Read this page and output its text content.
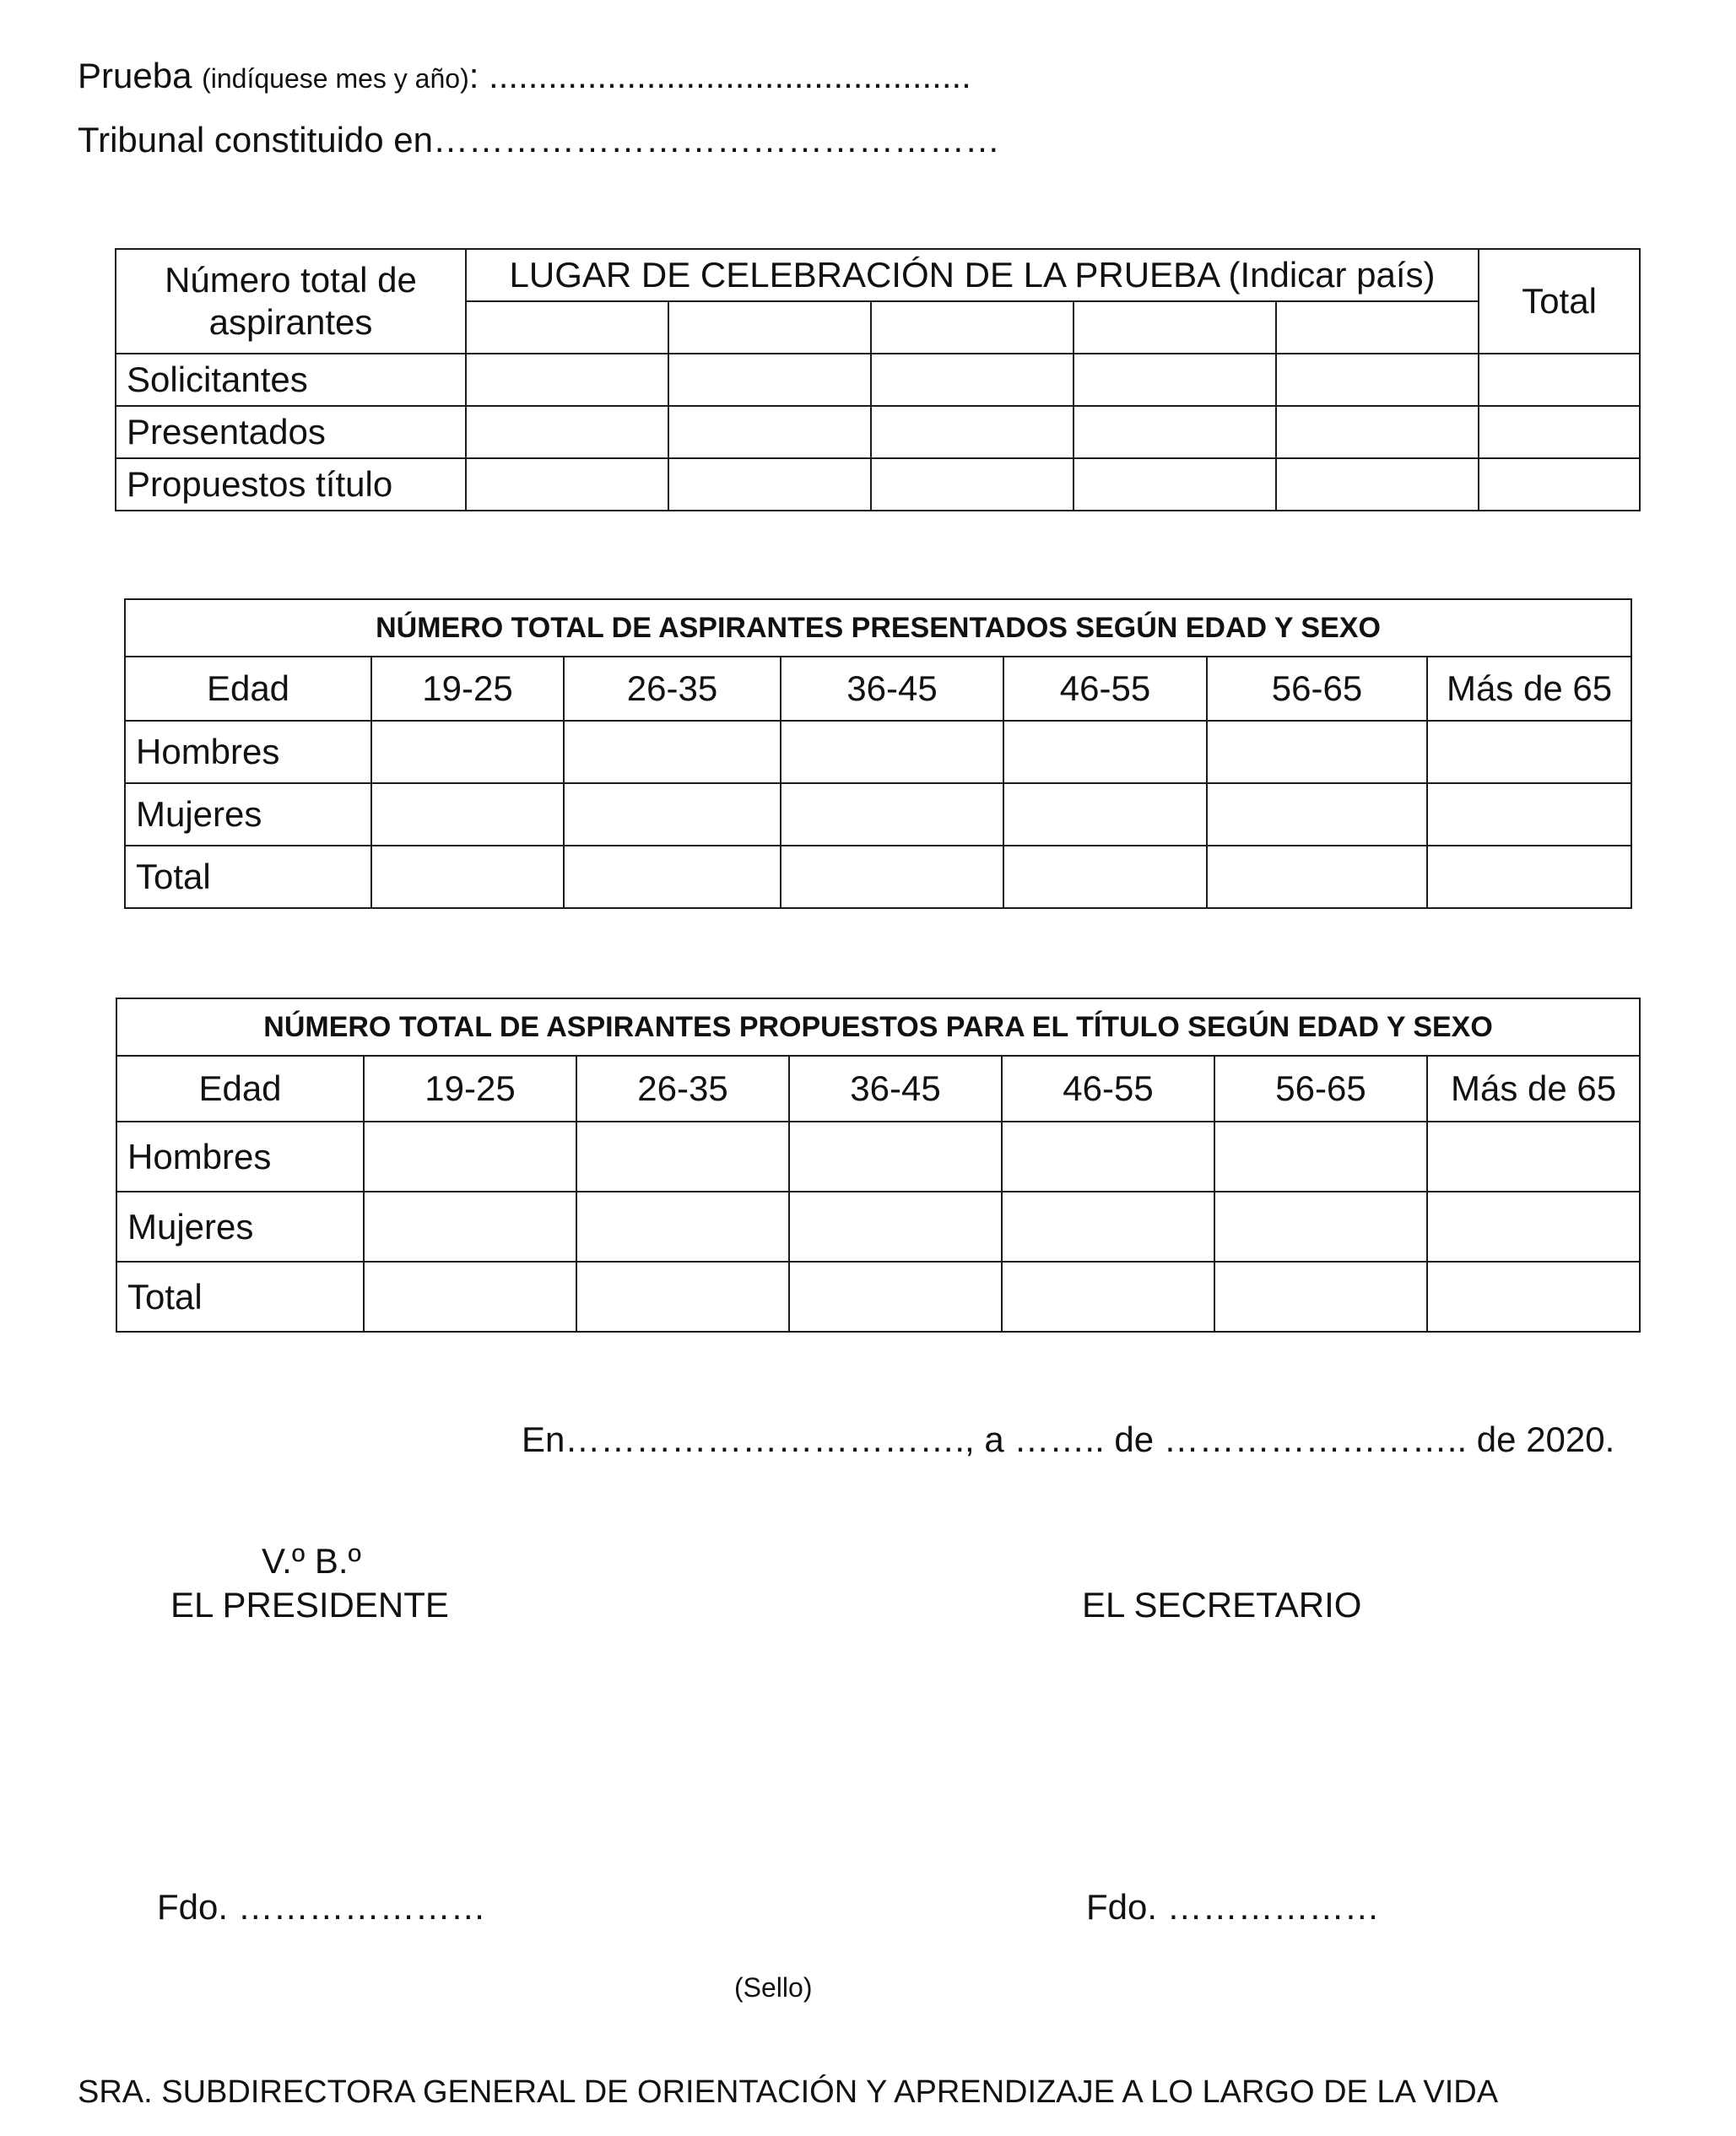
Prueba (indíquese mes y año): .................................................
Tribunal constituido en…………………………………………
Número total de aspirantes	LUGAR DE CELEBRACIÓN DE LA PRUEBA (Indicar país)					Total

Solicitantes						
Presentados						
Propuestos título						
NÚMERO TOTAL DE ASPIRANTES PRESENTADOS SEGÚN EDAD Y SEXO						
Edad	19-25	26-35	36-45	46-55	56-65	Más de 65
Hombres						
Mujeres						
Total						
NÚMERO TOTAL DE ASPIRANTES PROPUESTOS PARA EL TÍTULO SEGÚN EDAD Y SEXO						
Edad	19-25	26-35	36-45	46-55	56-65	Más de 65
Hombres						
Mujeres						
Total						
En……………………………., a …….. de …………………….. de 2020.
V.º B.º
EL PRESIDENTE	EL SECRETARIO
Fdo. …………………	Fdo. ………………
(Sello)
SRA. SUBDIRECTORA GENERAL DE ORIENTACIÓN Y APRENDIZAJE A LO LARGO DE LA VIDA
